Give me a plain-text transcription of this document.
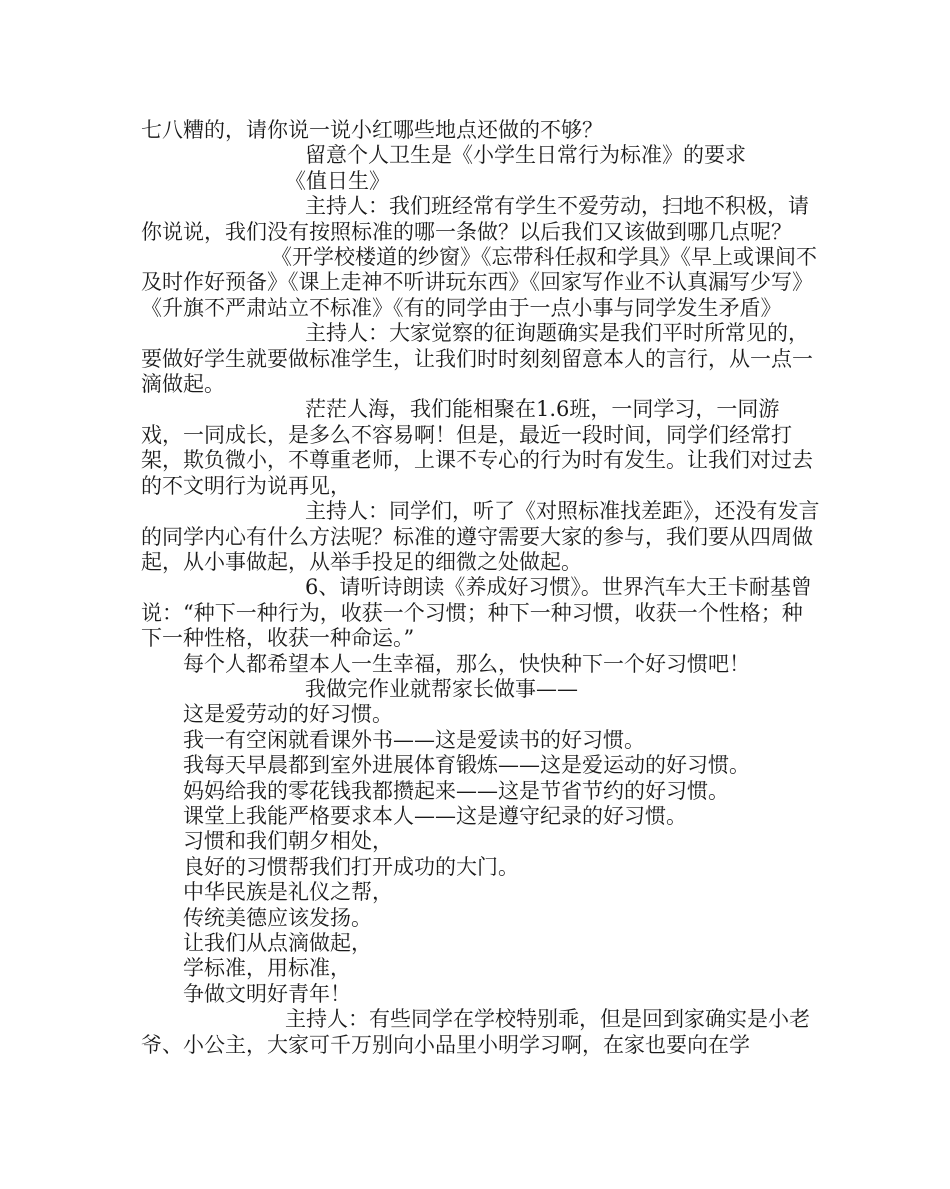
七八糟的，请你说一说小红哪些地点还做的不够？

留意个人卫生是《小学生日常行为标准》的要求

《值日生》

主持人：我们班经常有学生不爱劳动，扫地不积极，请你说说，我们没有按照标准的哪一条做？以后我们又该做到哪几点呢？

《开学校楼道的纱窗》《忘带科任叔和学具》《早上或课间不及时作好预备》《课上走神不听讲玩东西》《回家写作业不认真漏写少写》《升旗不严肃站立不标准》《有的同学由于一点小事与同学发生矛盾》

主持人：大家觉察的征询题确实是我们平时所常见的，要做好学生就要做标准学生，让我们时时刻刻留意本人的言行，从一点一滴做起。

茫茫人海，我们能相聚在1.6班，一同学习，一同游戏，一同成长，是多么不容易啊！但是，最近一段时间，同学们经常打架，欺负微小，不尊重老师，上课不专心的行为时有发生。让我们对过去的不文明行为说再见，

主持人：同学们，听了《对照标准找差距》，还没有发言的同学内心有什么方法呢？标准的遵守需要大家的参与，我们要从四周做起，从小事做起，从举手投足的细微之处做起。

6、请听诗朗读《养成好习惯》。世界汽车大王卡耐基曾说：“种下一种行为，收获一个习惯；种下一种习惯，收获一个性格；种下一种性格，收获一种命运。”

每个人都希望本人一生幸福，那么，快快种下一个好习惯吧！

我做完作业就帮家长做事——

这是爱劳动的好习惯。

我一有空闲就看课外书——这是爱读书的好习惯。

我每天早晨都到室外进展体育锻炼——这是爱运动的好习惯。

妈妈给我的零花钱我都攒起来——这是节省节约的好习惯。

课堂上我能严格要求本人——这是遵守纪录的好习惯。

习惯和我们朝夕相处，

良好的习惯帮我们打开成功的大门。

中华民族是礼仪之帮，

传统美德应该发扬。

让我们从点滴做起，

学标准，用标准，

争做文明好青年！

主持人：有些同学在学校特别乖，但是回到家确实是小老爷、小公主，大家可千万别向小品里小明学习啊，在家也要向在学
